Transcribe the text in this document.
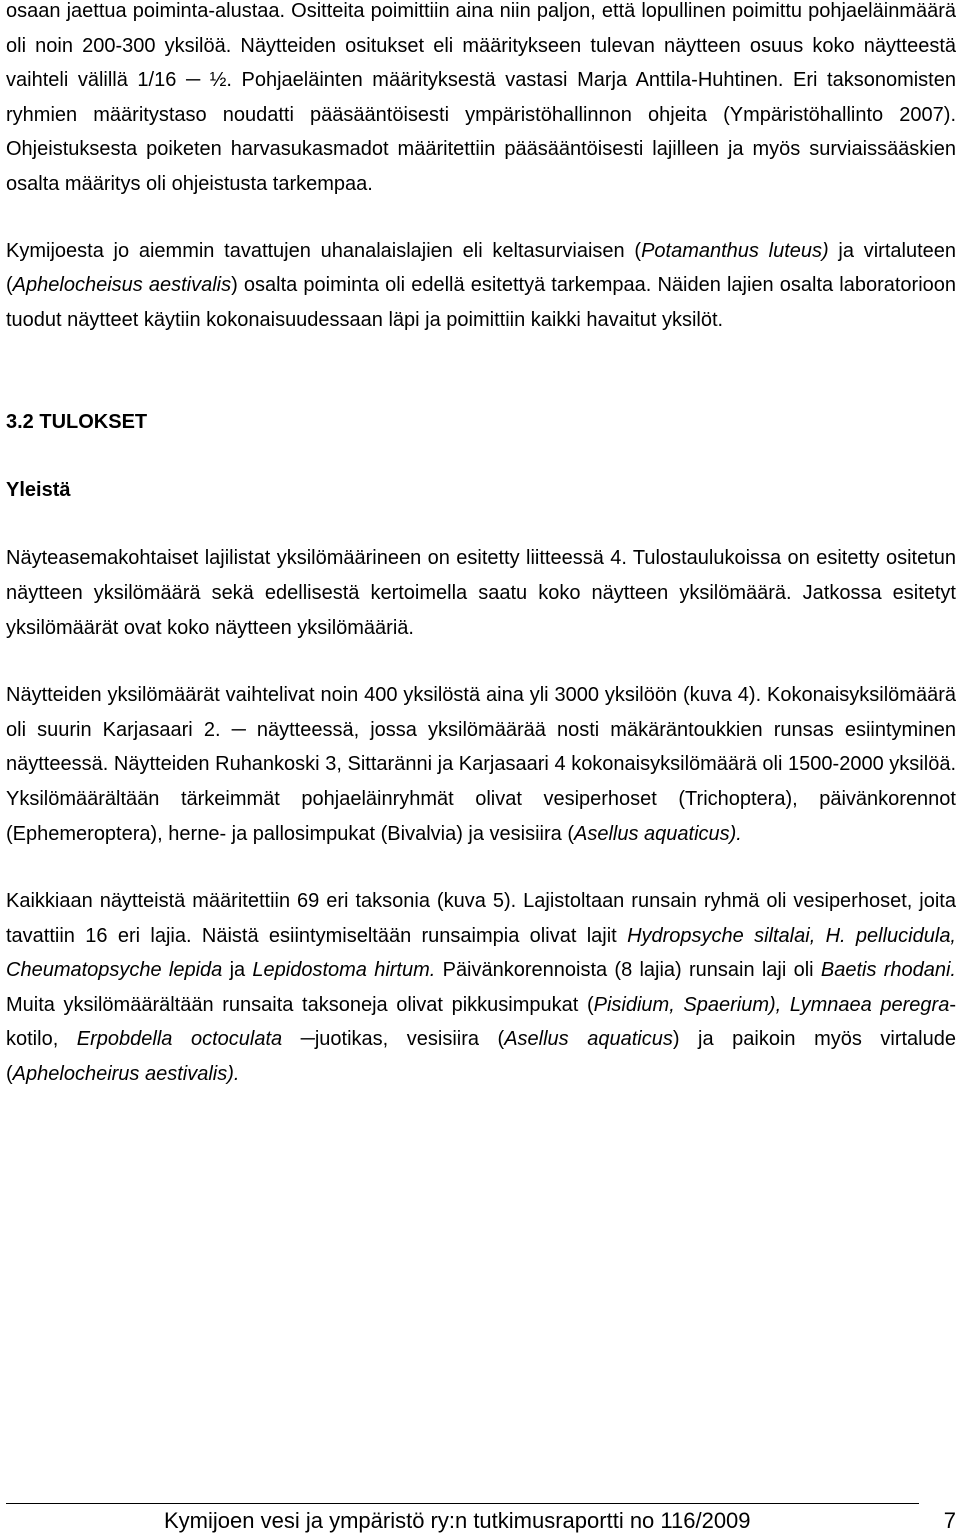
osaan jaettua poiminta-alustaa. Ositteita poimittiin aina niin paljon, että lopullinen poimittu pohjaeläinmäärä oli noin 200-300 yksilöä. Näytteiden ositukset eli määritykseen tulevan näytteen osuus koko näytteestä vaihteli välillä 1/16 ─ ½. Pohjaeläinten määrityksestä vastasi Marja Anttila-Huhtinen. Eri taksonomisten ryhmien määritystaso noudatti pääsääntöisesti ympäristöhallinnon ohjeita (Ympäristöhallinto 2007). Ohjeistuksesta poiketen harvasukasmadot määritettiin pääsääntöisesti lajilleen ja myös surviaissääskien osalta määritys oli ohjeistusta tarkempaa.

Kymijoesta jo aiemmin tavattujen uhanalaislajien eli keltasurviaisen (Potamanthus luteus) ja virtaluteen (Aphelocheisus aestivalis) osalta poiminta oli edellä esitettyä tarkempaa. Näiden lajien osalta laboratorioon tuodut näytteet käytiin kokonaisuudessaan läpi ja poimittiin kaikki havaitut yksilöt.

3.2 TULOKSET
Yleistä

Näyteasemakohtaiset lajilistat yksilömäärineen on esitetty liitteessä 4. Tulostaulukoissa on esitetty ositetun näytteen yksilömäärä sekä edellisestä kertoimella saatu koko näytteen yksilömäärä. Jatkossa esitetyt yksilömäärät ovat koko näytteen yksilömääriä.

Näytteiden yksilömäärät vaihtelivat noin 400 yksilöstä aina yli 3000 yksilöön (kuva 4). Kokonaisyksilömäärä oli suurin Karjasaari 2. ─ näytteessä, jossa yksilömäärää nosti mäkäräntoukkien runsas esiintyminen näytteessä. Näytteiden Ruhankoski 3, Sittaränni ja Karjasaari 4 kokonaisyksilömäärä oli 1500-2000 yksilöä. Yksilömäärältään tärkeimmät pohjaeläinryhmät olivat vesiperhoset (Trichoptera), päivänkorennot (Ephemeroptera), herne- ja pallosimpukat (Bivalvia) ja vesisiira (Asellus aquaticus).

Kaikkiaan näytteistä määritettiin 69 eri taksonia (kuva 5). Lajistoltaan runsain ryhmä oli vesiperhoset, joita tavattiin 16 eri lajia. Näistä esiintymiseltään runsaimpia olivat lajit Hydropsyche siltalai, H. pellucidula, Cheumatopsyche lepida ja Lepidostoma hirtum. Päivänkorennoista (8 lajia) runsain laji oli Baetis rhodani. Muita yksilömäärältään runsaita taksoneja olivat pikkusimpukat (Pisidium, Spaerium), Lymnaea peregra-kotilo, Erpobdella octoculata ─juotikas, vesisiira (Asellus aquaticus) ja paikoin myös virtalude (Aphelocheirus aestivalis).

Kymijoen vesi ja ympäristö ry:n tutkimusraportti no 116/2009	7
